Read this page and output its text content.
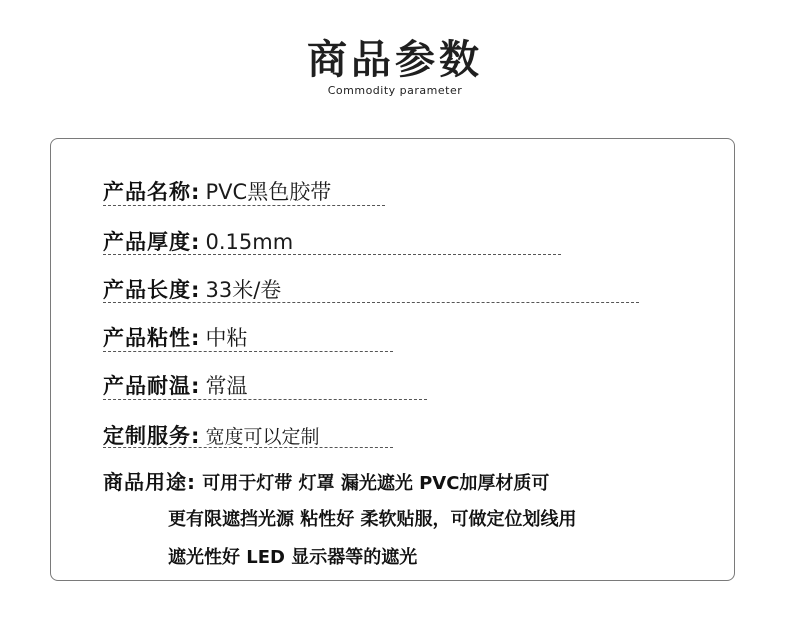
商品参数
Commodity parameter
产品名称: PVC黑色胶带
产品厚度: 0.15mm
产品长度: 33米/卷
产品粘性: 中粘
产品耐温: 常温
定制服务: 宽度可以定制
商品用途: 可用于灯带 灯罩 漏光遮光 PVC加厚材质可
更有限遮挡光源 粘性好 柔软贴服，可做定位划线用
遮光性好 LED 显示器等的遮光
